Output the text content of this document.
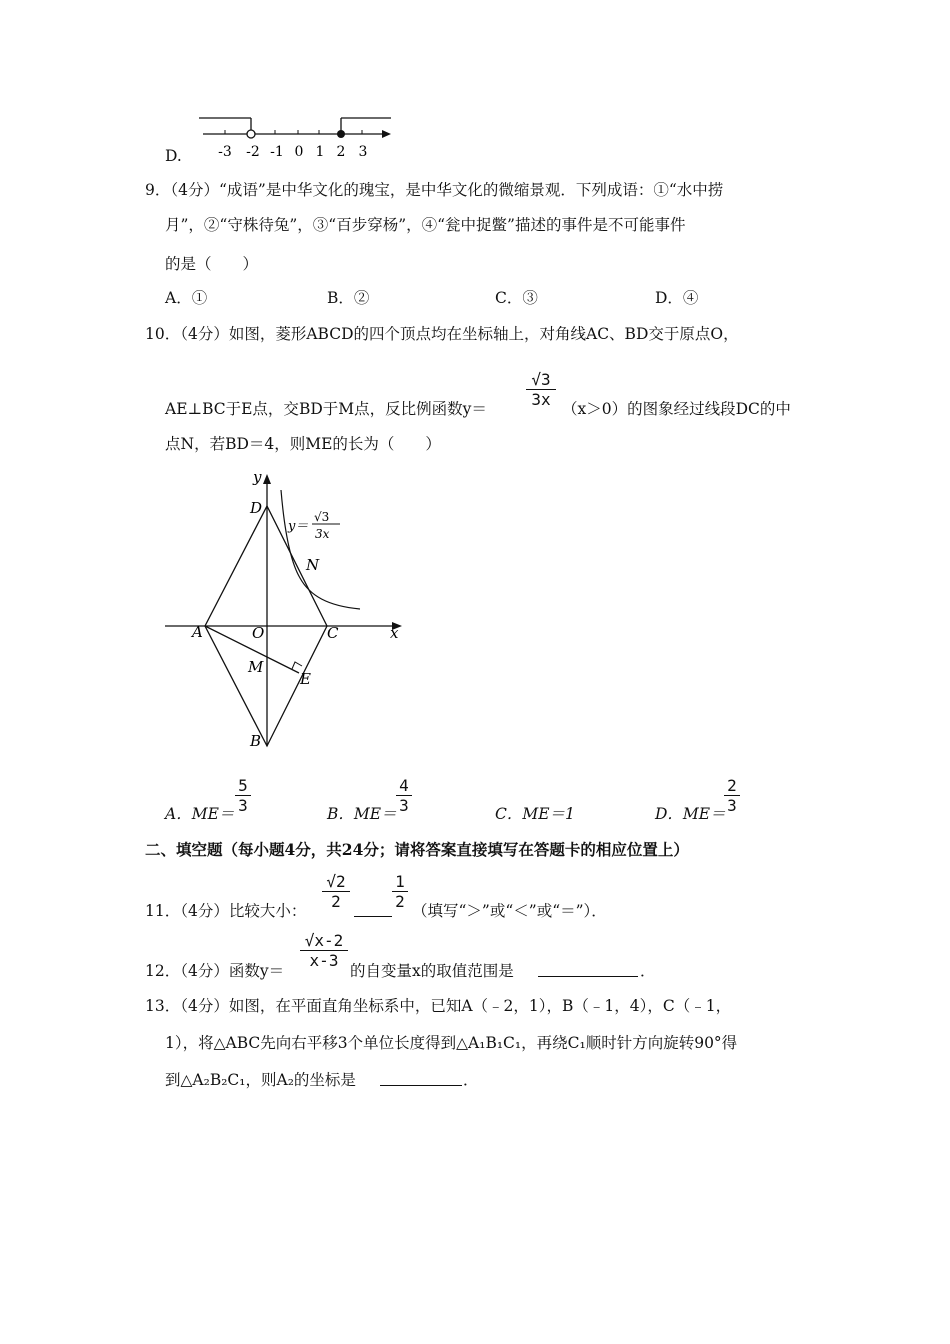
D.	-3 -2 -1 0 1 2 3
9．（4分）“成语”是中华文化的瑰宝，是中华文化的微缩景观．下列成语：①“水中捞
月”，②“守株待兔”，③“百步穿杨”，④“瓮中捉鳖”描述的事件是不可能事件
的是（　　）
A．①	B．②	C．③	D．④
10．（4分）如图，菱形ABCD的四个顶点均在坐标轴上，对角线AC、BD交于原点O，
AE⊥BC于E点，交BD于M点，反比例函数y＝
√3
3x （x＞0）的图象经过线段DC的中
点N，若BD＝4，则ME的长为（　　）
y
D
N
A	O	C	x
M
E
B
y＝
√3
3x
A．ME＝
5
3	B．ME＝
4
3	C．ME＝1	D．ME＝
2
3
二、填空题（每小题4分，共24分；请将答案直接填写在答题卡的相应位置上）
11．（4分）比较大小：
√2
2
1
2 （填写“＞”或“＜”或“＝”）．
12．（4分）函数y＝
√x-2
x-3
的自变量x的取值范围是	．
13．（4分）如图，在平面直角坐标系中，已知A（﹣2，1），B（﹣1，4），C（﹣1，
1），将△ABC先向右平移3个单位长度得到△A₁B₁C₁，再绕C₁顺时针方向旋转90°得
到△A₂B₂C₁，则A₂的坐标是	．
